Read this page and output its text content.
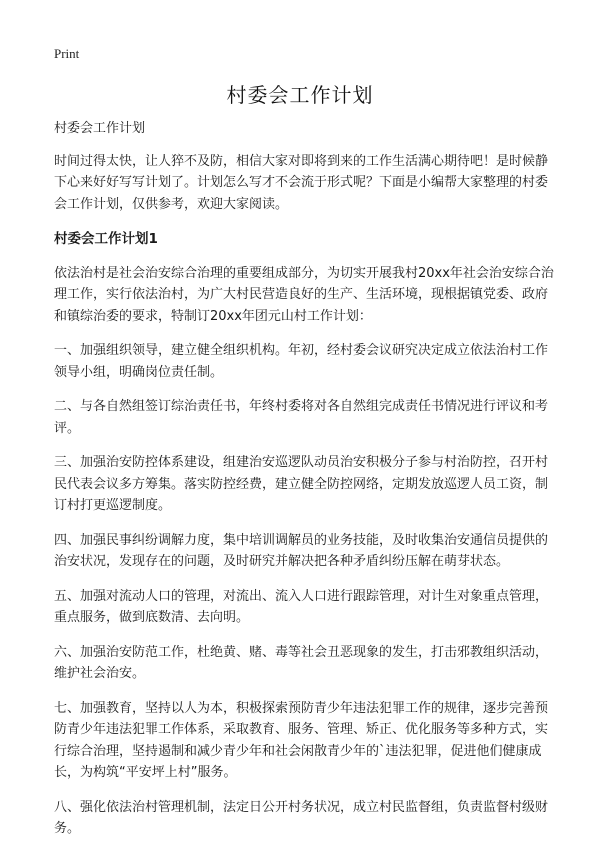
Print
村委会工作计划

村委会工作计划

时间过得太快，让人猝不及防，相信大家对即将到来的工作生活满心期待吧！是时候静下心来好好写写计划了。计划怎么写才不会流于形式呢？下面是小编帮大家整理的村委会工作计划，仅供参考，欢迎大家阅读。

村委会工作计划1

依法治村是社会治安综合治理的重要组成部分，为切实开展我村20xx年社会治安综合治理工作，实行依法治村，为广大村民营造良好的生产、生活环境，现根据镇党委、政府和镇综治委的要求，特制订20xx年团元山村工作计划：

一、加强组织领导，建立健全组织机构。年初，经村委会议研究决定成立依法治村工作领导小组，明确岗位责任制。

二、与各自然组签订综治责任书，年终村委将对各自然组完成责任书情况进行评议和考评。

三、加强治安防控体系建设，组建治安巡逻队动员治安积极分子参与村治防控，召开村民代表会议多方筹集。落实防控经费，建立健全防控网络，定期发放巡逻人员工资，制订村打更巡逻制度。

四、加强民事纠纷调解力度，集中培训调解员的业务技能，及时收集治安通信员提供的治安状况，发现存在的问题，及时研究并解决把各种矛盾纠纷压解在萌芽状态。

五、加强对流动人口的管理，对流出、流入人口进行跟踪管理，对计生对象重点管理，重点服务，做到底数清、去向明。

六、加强治安防范工作，杜绝黄、赌、毒等社会丑恶现象的发生，打击邪教组织活动，维护社会治安。

七、加强教育，坚持以人为本，积极探索预防青少年违法犯罪工作的规律，逐步完善预防青少年违法犯罪工作体系，采取教育、服务、管理、矫正、优化服务等多种方式，实行综合治理，坚持遏制和减少青少年和社会闲散青少年的`违法犯罪，促进他们健康成长，为构筑“平安坪上村”服务。

八、强化依法治村管理机制，法定日公开村务状况，成立村民监督组，负责监督村级财务。
